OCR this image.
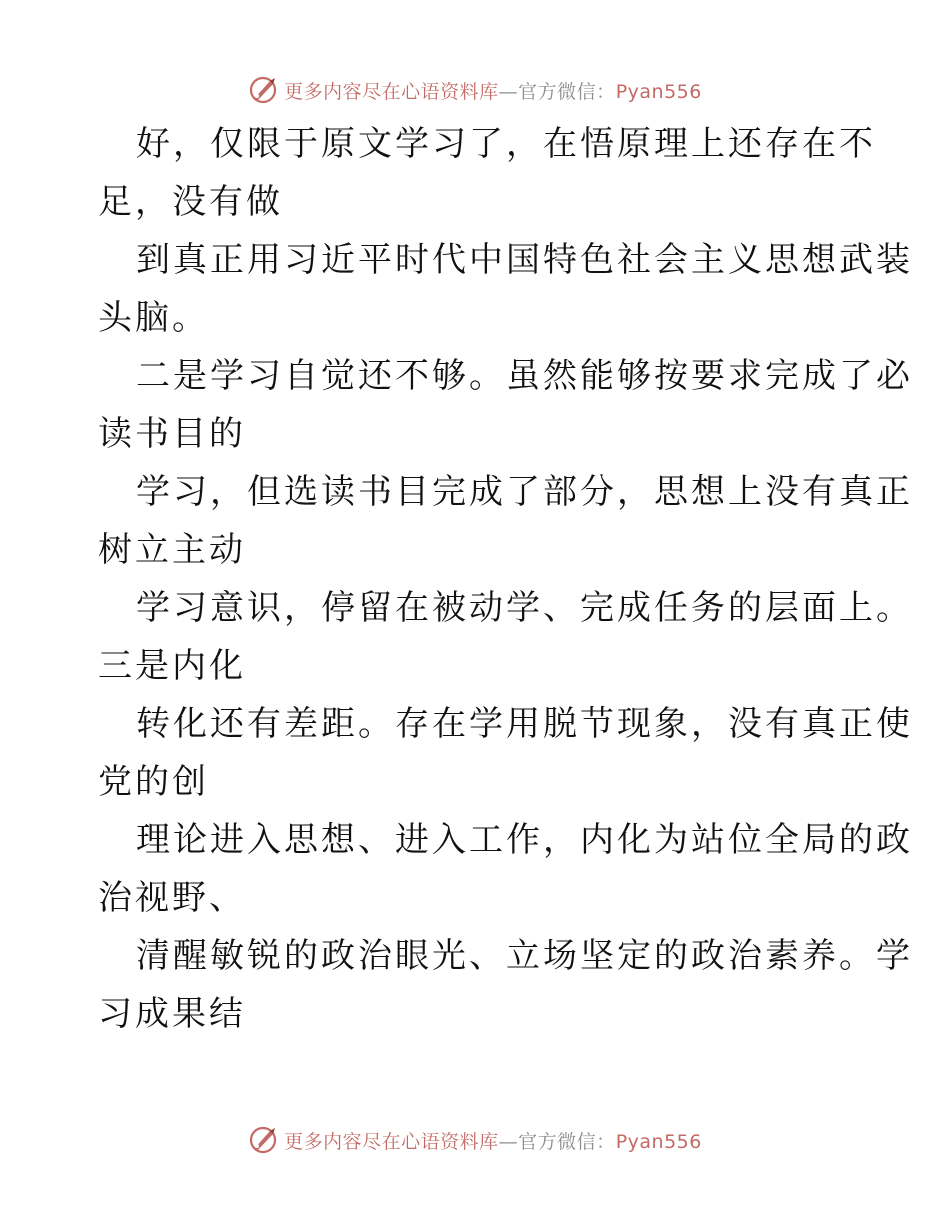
更多内容尽在心语资料库—官方微信：Pyan556
好，仅限于原文学习了，在悟原理上还存在不
足，没有做
到真正用习近平时代中国特色社会主义思想武装
头脑。
二是学习自觉还不够。虽然能够按要求完成了必
读书目的
学习，但选读书目完成了部分，思想上没有真正
树立主动
学习意识，停留在被动学、完成任务的层面上。
三是内化
转化还有差距。存在学用脱节现象，没有真正使
党的创
理论进入思想、进入工作，内化为站位全局的政
治视野、
清醒敏锐的政治眼光、立场坚定的政治素养。学
习成果结
更多内容尽在心语资料库—官方微信：Pyan556
